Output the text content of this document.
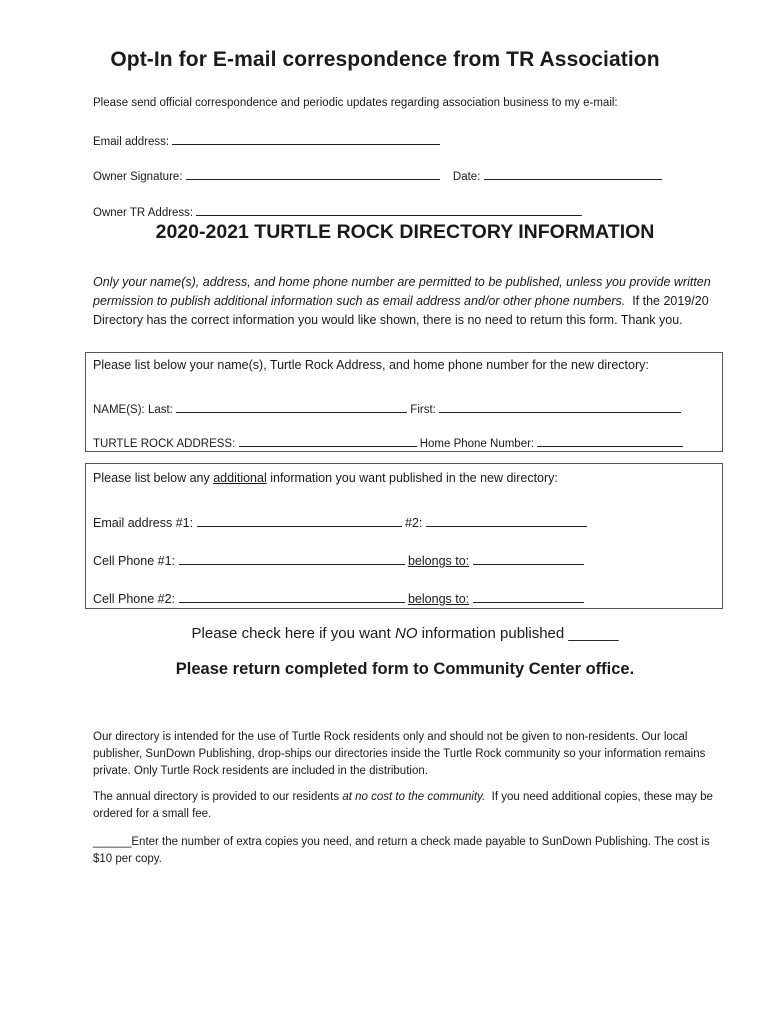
Opt-In for E-mail correspondence from TR Association
Please send official correspondence and periodic updates regarding association business to my e-mail:
Email address:
Owner Signature:	Date:
Owner TR Address:
2020-2021 TURTLE ROCK DIRECTORY INFORMATION
Only your name(s), address, and home phone number are permitted to be published, unless you provide written permission to publish additional information such as email address and/or other phone numbers. If the 2019/20 Directory has the correct information you would like shown, there is no need to return this form. Thank you.
Please list below your name(s), Turtle Rock Address, and home phone number for the new directory:
NAME(S): Last:	First:
TURTLE ROCK ADDRESS:	Home Phone Number:
Please list below any additional information you want published in the new directory:
Email address #1:	#2:
Cell Phone #1:	belongs to:
Cell Phone #2:	belongs to:
Please check here if you want NO information published ______
Please return completed form to Community Center office.
Our directory is intended for the use of Turtle Rock residents only and should not be given to non-residents. Our local publisher, SunDown Publishing, drop-ships our directories inside the Turtle Rock community so your information remains private. Only Turtle Rock residents are included in the distribution.
The annual directory is provided to our residents at no cost to the community. If you need additional copies, these may be ordered for a small fee.
______Enter the number of extra copies you need, and return a check made payable to SunDown Publishing. The cost is $10 per copy.
